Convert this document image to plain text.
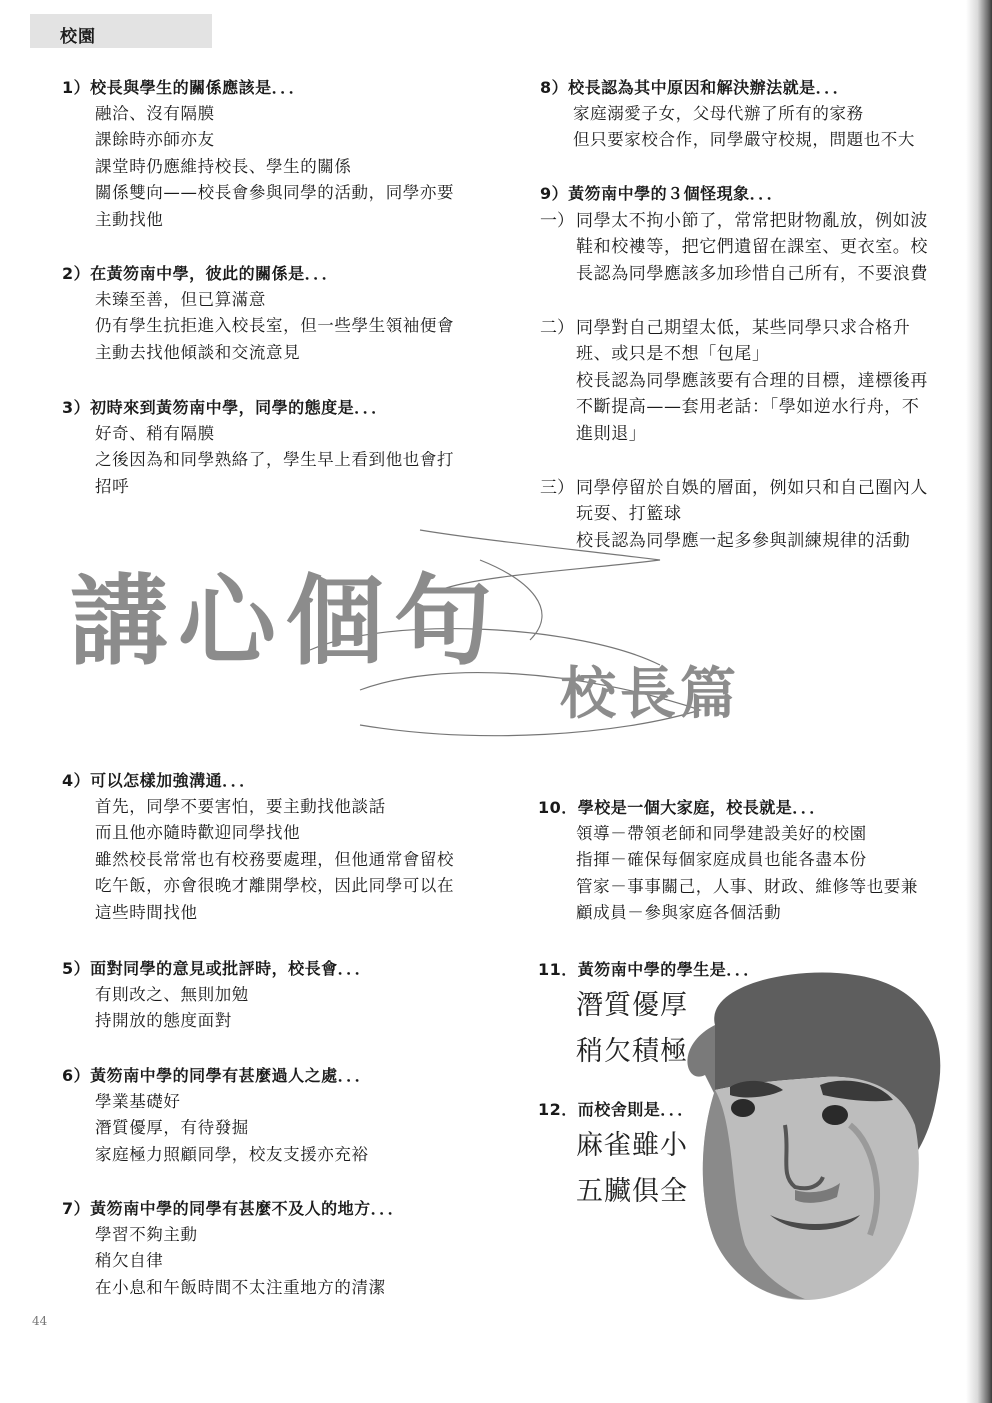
校園
1）校長與學生的關係應該是．．．
融洽、沒有隔膜
課餘時亦師亦友
課堂時仍應維持校長、學生的關係
關係雙向——校長會參與同學的活動，同學亦要
主動找他
2）在黃笏南中學，彼此的關係是．．．
未臻至善，但已算滿意
仍有學生抗拒進入校長室，但一些學生領袖便會
主動去找他傾談和交流意見
3）初時來到黃笏南中學，同學的態度是．．．
好奇、稍有隔膜
之後因為和同學熟絡了，學生早上看到他也會打
招呼
4）可以怎樣加強溝通．．．
首先，同學不要害怕，要主動找他談話
而且他亦隨時歡迎同學找他
雖然校長常常也有校務要處理，但他通常會留校
吃午飯，亦會很晚才離開學校，因此同學可以在
這些時間找他
5）面對同學的意見或批評時，校長會．．．
有則改之、無則加勉
持開放的態度面對
6）黃笏南中學的同學有甚麼過人之處．．．
學業基礎好
潛質優厚，有待發掘
家庭極力照顧同學，校友支援亦充裕
7）黃笏南中學的同學有甚麼不及人的地方．．．
學習不夠主動
稍欠自律
在小息和午飯時間不太注重地方的清潔
8）校長認為其中原因和解決辦法就是．．．
家庭溺愛子女，父母代辦了所有的家務
但只要家校合作，同學嚴守校規，問題也不大
9）黃笏南中學的３個怪現象．．．
一） 同學太不拘小節了，常常把財物亂放，例如波
鞋和校褸等，把它們遺留在課室、更衣室。校
長認為同學應該多加珍惜自己所有，不要浪費
二） 同學對自己期望太低，某些同學只求合格升
班、或只是不想「包尾」
校長認為同學應該要有合理的目標，達標後再
不斷提高——套用老話：「學如逆水行舟，不
進則退」
三） 同學停留於自娛的層面，例如只和自己圈內人
玩耍、打籃球
校長認為同學應一起多參與訓練規律的活動
10．學校是一個大家庭，校長就是．．．
領導－帶領老師和同學建設美好的校園
指揮－確保每個家庭成員也能各盡本份
管家－事事關己，人事、財政、維修等也要兼
顧成員－參與家庭各個活動
11．黃笏南中學的學生是．．．
潛質優厚
稍欠積極
12．而校舍則是．．．
麻雀雖小
五臟俱全
講心個句
校長篇
44
